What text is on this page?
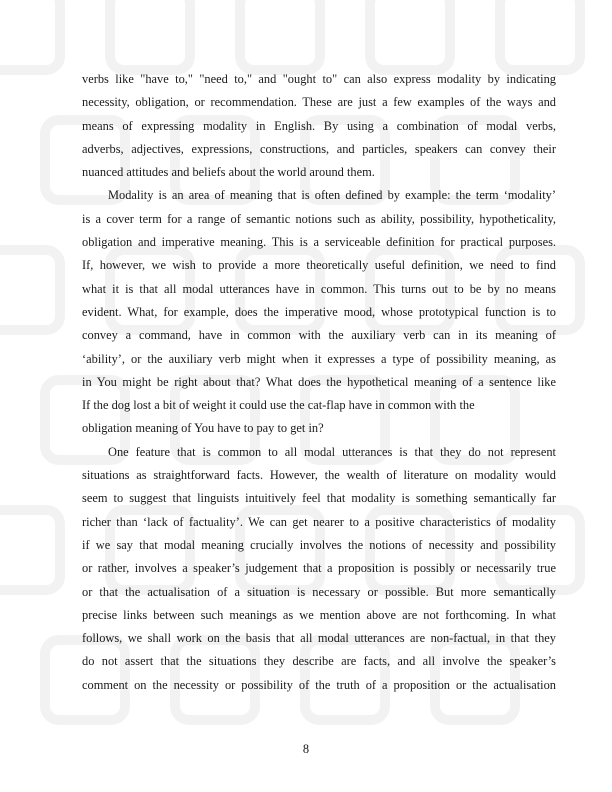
verbs like "have to," "need to," and "ought to" can also express modality by indicating
necessity, obligation, or recommendation. These are just a few examples of the ways and
means of expressing modality in English. By using a combination of modal verbs,
adverbs, adjectives, expressions, constructions, and particles, speakers can convey their
nuanced attitudes and beliefs about the world around them.
Modality is an area of meaning that is often defined by example: the term ‘modality’
is a cover term for a range of semantic notions such as ability, possibility, hypotheticality,
obligation and imperative meaning. This is a serviceable definition for practical purposes.
If, however, we wish to provide a more theoretically useful definition, we need to find
what it is that all modal utterances have in common. This turns out to be by no means
evident. What, for example, does the imperative mood, whose prototypical function is to
convey a command, have in common with the auxiliary verb can in its meaning of
‘ability’, or the auxiliary verb might when it expresses a type of possibility meaning, as
in You might be right about that? What does the hypothetical meaning of a sentence like
If the dog lost a bit of weight it could use the cat-flap have in common with the
obligation meaning of You have to pay to get in?
One feature that is common to all modal utterances is that they do not represent
situations as straightforward facts. However, the wealth of literature on modality would
seem to suggest that linguists intuitively feel that modality is something semantically far
richer than ‘lack of factuality’. We can get nearer to a positive characteristics of modality
if we say that modal meaning crucially involves the notions of necessity and possibility
or rather, involves a speaker’s judgement that a proposition is possibly or necessarily true
or that the actualisation of a situation is necessary or possible. But more semantically
precise links between such meanings as we mention above are not forthcoming. In what
follows, we shall work on the basis that all modal utterances are non-factual, in that they
do not assert that the situations they describe are facts, and all involve the speaker’s
comment on the necessity or possibility of the truth of a proposition or the actualisation
8
